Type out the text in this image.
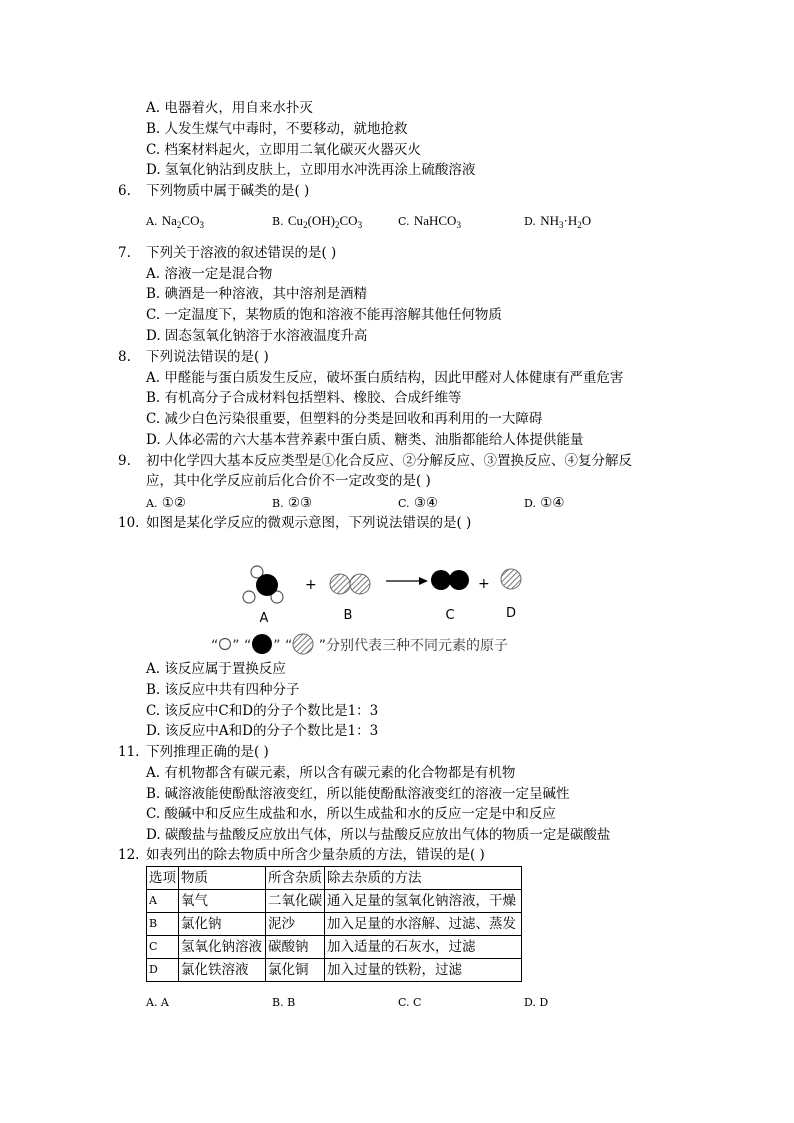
A. 电器着火，用自来水扑灭
B. 人发生煤气中毒时，不要移动，就地抢救
C. 档案材料起火，立即用二氧化碳灭火器灭火
D. 氢氧化钠沾到皮肤上，立即用水冲洗再涂上硫酸溶液
6. 下列物质中属于碱类的是( )
A. $Na_2CO_3$	B. $Cu_2(OH)_2CO_3$	C. NaHCO$_3$	D. $NH_3\cdot H_2O$
7. 下列关于溶液的叙述错误的是( )
A. 溶液一定是混合物
B. 碘酒是一种溶液，其中溶剂是酒精
C. 一定温度下，某物质的饱和溶液不能再溶解其他任何物质
D. 固态氢氧化钠溶于水溶液温度升高
8. 下列说法错误的是( )
A. 甲醛能与蛋白质发生反应，破坏蛋白质结构，因此甲醛对人体健康有严重危害
B. 有机高分子合成材料包括塑料、橡胶、合成纤维等
C. 减少白色污染很重要，但塑料的分类是回收和再利用的一大障碍
D. 人体必需的六大基本营养素中蛋白质、糖类、油脂都能给人体提供能量
9. 初中化学四大基本反应类型是①化合反应、②分解反应、③置换反应、④复分解反
应，其中化学反应前后化合价不一定改变的是( )
A. ①②	B. ②③	C. ③④	D. ①④
10. 如图是某化学反应的微观示意图，下列说法错误的是( )
+	+
A	B	C	D
“ ” “ ” “ ”分别代表三种不同元素的原子
A. 该反应属于置换反应
B. 该反应中共有四种分子
C. 该反应中C和D的分子个数比是1：3
D. 该反应中A和D的分子个数比是1：3
11. 下列推理正确的是( )
A. 有机物都含有碳元素，所以含有碳元素的化合物都是有机物
B. 碱溶液能使酚酞溶液变红，所以能使酚酞溶液变红的溶液一定呈碱性
C. 酸碱中和反应生成盐和水，所以生成盐和水的反应一定是中和反应
D. 碳酸盐与盐酸反应放出气体，所以与盐酸反应放出气体的物质一定是碳酸盐
12. 如表列出的除去物质中所含少量杂质的方法，错误的是( )
选项	物质	所含杂质	除去杂质的方法
A	氧气	二氧化碳	通入足量的氢氧化钠溶液，干燥
B	氯化钠	泥沙	加入足量的水溶解、过滤、蒸发
C	氢氧化钠溶液	碳酸钠	加入适量的石灰水，过滤
D	氯化铁溶液	氯化铜	加入过量的铁粉，过滤
A. A	B. B	C. C	D. D
